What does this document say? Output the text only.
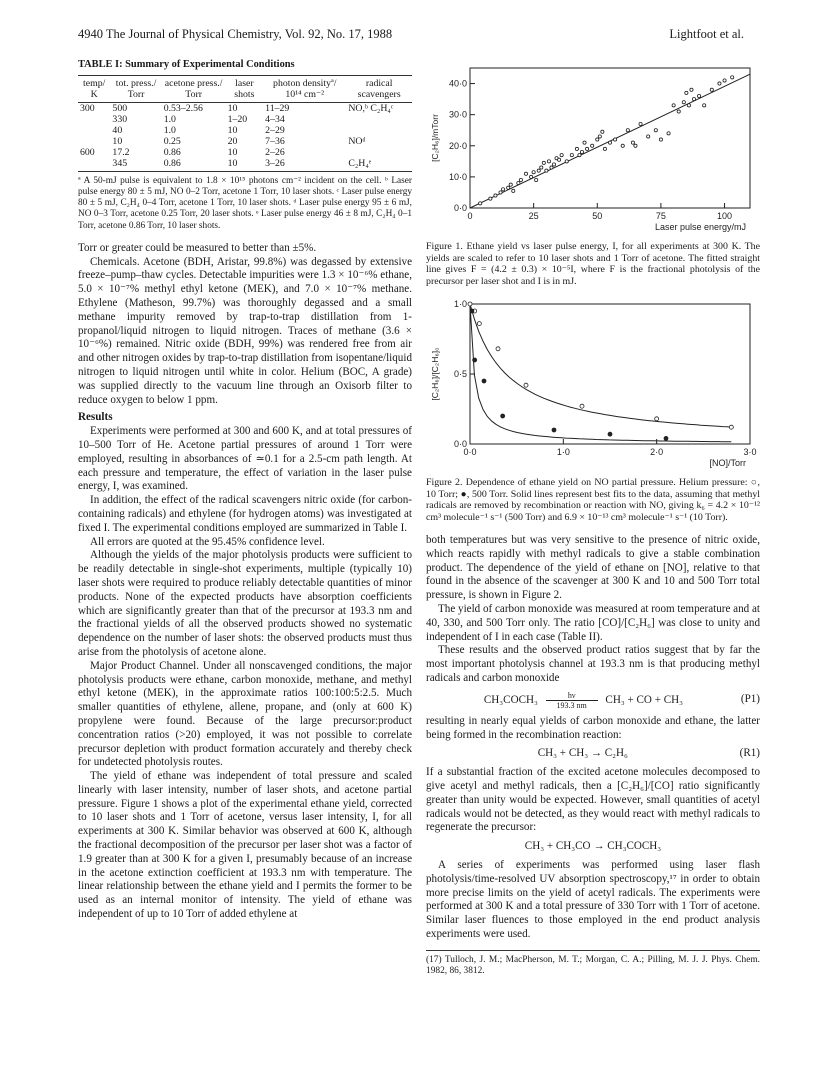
4940 The Journal of Physical Chemistry, Vol. 92, No. 17, 1988	Lightfoot et al.
TABLE I: Summary of Experimental Conditions
temp/ K	tot. press./ Torr	acetone press./ Torr	laser shots	photon densityª/ 10¹⁴ cm⁻²	radical scavengers

300	500	0.53–2.56	10	11–29	NO,ᵇ C₂H₄ᶜ
	330	1.0	1–20	4–34	
	40	1.0	10	2–29	
	10	0.25	20	7–36	NOᵈ
600	17.2	0.86	10	2–26	
	345	0.86	10	3–26	C₂H₄ᵉ

ª A 50-mJ pulse is equivalent to 1.8 × 10¹⁵ photons cm⁻² incident on the cell. ᵇ Laser pulse energy 80 ± 5 mJ, NO 0–2 Torr, acetone 1 Torr, 10 laser shots. ᶜ Laser pulse energy 80 ± 5 mJ, C₂H₄ 0–4 Torr, acetone 1 Torr, 10 laser shots. ᵈ Laser pulse energy 95 ± 6 mJ, NO 0–3 Torr, acetone 0.25 Torr, 20 laser shots. ᵉ Laser pulse energy 46 ± 8 mJ, C₂H₄ 0–1 Torr, acetone 0.86 Torr, 10 laser shots.

Torr or greater could be measured to better than ±5%.

Chemicals. Acetone (BDH, Aristar, 99.8%) was degassed by extensive freeze–pump–thaw cycles. Detectable impurities were 1.3 × 10⁻⁶% ethane, 5.0 × 10⁻⁷% methyl ethyl ketone (MEK), and 7.0 × 10⁻⁷% methane. Ethylene (Matheson, 99.7%) was thoroughly degassed and a small methane impurity removed by trap-to-trap distillation from 1-propanol/liquid nitrogen to liquid nitrogen. Traces of methane (3.6 × 10⁻⁶%) remained. Nitric oxide (BDH, 99%) was rendered free from air and other nitrogen oxides by trap-to-trap distillation from isopentane/liquid nitrogen to liquid nitrogen until white in color. Helium (BOC, A grade) was supplied directly to the vacuum line through an Oxisorb filter to reduce oxygen to below 1 ppm.

Results

Experiments were performed at 300 and 600 K, and at total pressures of 10–500 Torr of He. Acetone partial pressures of around 1 Torr were employed, resulting in absorbances of ≃0.1 for a 2.5-cm path length. At each pressure and temperature, the effect of variation in the laser pulse energy, I, was examined.

In addition, the effect of the radical scavengers nitric oxide (for carbon-containing radicals) and ethylene (for hydrogen atoms) was investigated at fixed I. The experimental conditions employed are summarized in Table I.

All errors are quoted at the 95.45% confidence level.

Although the yields of the major photolysis products were sufficient to be readily detectable in single-shot experiments, multiple (typically 10) laser shots were required to produce reliably detectable quantities of minor products. None of the expected products have absorption coefficients which are significantly greater than that of the precursor at 193.3 nm and the fractional yields of all the observed products showed no systematic dependence on the number of laser shots: the observed products must thus arise from the photolysis of acetone alone.

Major Product Channel. Under all nonscavenged conditions, the major photolysis products were ethane, carbon monoxide, methane, and methyl ethyl ketone (MEK), in the approximate ratios 100:100:5:2.5. Much smaller quantities of ethylene, allene, propane, and (only at 600 K) propylene were found. Because of the large precursor:product concentration ratios (>20) employed, it was not possible to correlate precursor depletion with product formation accurately and thereby check for undetected photolysis routes.

The yield of ethane was independent of total pressure and scaled linearly with laser intensity, number of laser shots, and acetone partial pressure. Figure 1 shows a plot of the experimental ethane yield, corrected to 10 laser shots and 1 Torr of acetone, versus laser intensity, I, for all experiments at 300 K. Similar behavior was observed at 600 K, although the fractional decomposition of the precursor per laser shot was a factor of 1.9 greater than at 300 K for a given I, presumably because of an increase in the acetone extinction coefficient at 193.3 nm with temperature. The linear relationship between the ethane yield and I permits the former to be used as an internal monitor of intensity. The yield of ethane was independent of up to 10 Torr of added ethylene at

0	25	50	75	100
0·0
10·0
20·0
30·0
40·0
Laser pulse energy/mJ
[C₂H₆]/mTorr

Figure 1. Ethane yield vs laser pulse energy, I, for all experiments at 300 K. The yields are scaled to refer to 10 laser shots and 1 Torr of acetone. The fitted straight line gives F = (4.2 ± 0.3) × 10⁻⁵I, where F is the fractional photolysis of the precursor per laser shot and I is in mJ.

0·0	1·0	2·0	3·0
0·0
0·5
1·0
[NO]/Torr
[C₂H₆]/[C₂H₆]₀

Figure 2. Dependence of ethane yield on NO partial pressure. Helium pressure: ○, 10 Torr; ●, 500 Torr. Solid lines represent best fits to the data, assuming that methyl radicals are removed by recombination or reaction with NO, giving k₆ = 4.2 × 10⁻¹² cm³ molecule⁻¹ s⁻¹ (500 Torr) and 6.9 × 10⁻¹³ cm³ molecule⁻¹ s⁻¹ (10 Torr).

both temperatures but was very sensitive to the presence of nitric oxide, which reacts rapidly with methyl radicals to give a stable combination product. The dependence of the yield of ethane on [NO], relative to that found in the absence of the scavenger at 300 K and 10 and 500 Torr total pressure, is shown in Figure 2.

The yield of carbon monoxide was measured at room temperature and at 40, 330, and 500 Torr only. The ratio [CO]/[C₂H₆] was close to unity and independent of I in each case (Table II).

These results and the observed product ratios suggest that by far the most important photolysis channel at 193.3 nm is that producing methyl radicals and carbon monoxide

CH₃COCH₃ $\frac{h\nu}{193.3 nm} CH_3$ + CO + CH₃	(P1)

resulting in nearly equal yields of carbon monoxide and ethane, the latter being formed in the recombination reaction:

CH₃ + CH₃ → C₂H₆	(R1)

If a substantial fraction of the excited acetone molecules decomposed to give acetyl and methyl radicals, then a [C₂H₆]/[CO] ratio significantly greater than unity would be expected. However, small quantities of acetyl radicals would not be detected, as they would react with methyl radicals to regenerate the precursor:

CH₃ + CH₃CO → CH₃COCH₃

A series of experiments was performed using laser flash photolysis/time-resolved UV absorption spectroscopy,¹⁷ in order to obtain more precise limits on the yield of acetyl radicals. The experiments were performed at 300 K and a total pressure of 330 Torr with 1 Torr of acetone. Similar laser fluences to those employed in the end product analysis experiments were used.

(17) Tulloch, J. M.; MacPherson, M. T.; Morgan, C. A.; Pilling, M. J. J. Phys. Chem. 1982, 86, 3812.
